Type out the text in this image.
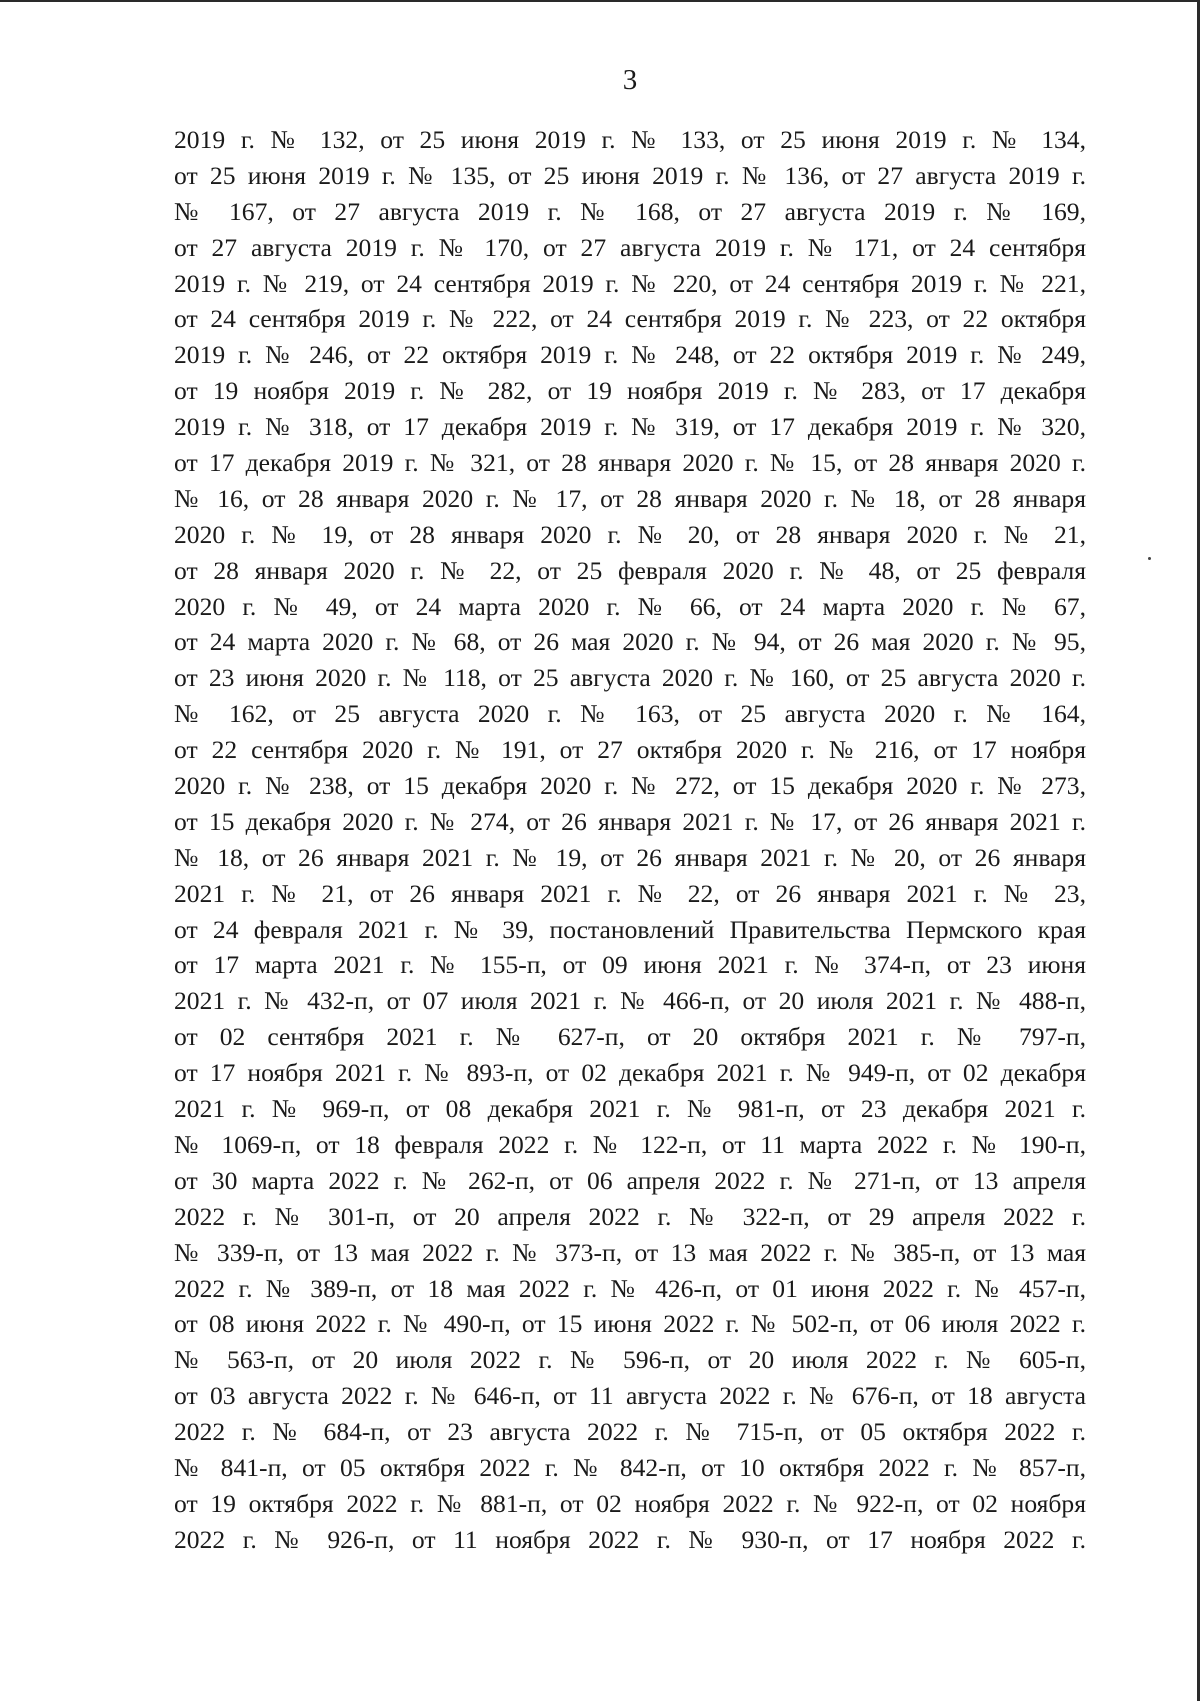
3
2019 г. № 132, от 25 июня 2019 г. № 133, от 25 июня 2019 г. № 134,
от 25 июня 2019 г. № 135, от 25 июня 2019 г. № 136, от 27 августа 2019 г.
№ 167, от 27 августа 2019 г. № 168, от 27 августа 2019 г. № 169,
от 27 августа 2019 г. № 170, от 27 августа 2019 г. № 171, от 24 сентября
2019 г. № 219, от 24 сентября 2019 г. № 220, от 24 сентября 2019 г. № 221,
от 24 сентября 2019 г. № 222, от 24 сентября 2019 г. № 223, от 22 октября
2019 г. № 246, от 22 октября 2019 г. № 248, от 22 октября 2019 г. № 249,
от 19 ноября 2019 г. № 282, от 19 ноября 2019 г. № 283, от 17 декабря
2019 г. № 318, от 17 декабря 2019 г. № 319, от 17 декабря 2019 г. № 320,
от 17 декабря 2019 г. № 321, от 28 января 2020 г. № 15, от 28 января 2020 г.
№ 16, от 28 января 2020 г. № 17, от 28 января 2020 г. № 18, от 28 января
2020 г. № 19, от 28 января 2020 г. № 20, от 28 января 2020 г. № 21,
от 28 января 2020 г. № 22, от 25 февраля 2020 г. № 48, от 25 февраля
2020 г. № 49, от 24 марта 2020 г. № 66, от 24 марта 2020 г. № 67,
от 24 марта 2020 г. № 68, от 26 мая 2020 г. № 94, от 26 мая 2020 г. № 95,
от 23 июня 2020 г. № 118, от 25 августа 2020 г. № 160, от 25 августа 2020 г.
№ 162, от 25 августа 2020 г. № 163, от 25 августа 2020 г. № 164,
от 22 сентября 2020 г. № 191, от 27 октября 2020 г. № 216, от 17 ноября
2020 г. № 238, от 15 декабря 2020 г. № 272, от 15 декабря 2020 г. № 273,
от 15 декабря 2020 г. № 274, от 26 января 2021 г. № 17, от 26 января 2021 г.
№ 18, от 26 января 2021 г. № 19, от 26 января 2021 г. № 20, от 26 января
2021 г. № 21, от 26 января 2021 г. № 22, от 26 января 2021 г. № 23,
от 24 февраля 2021 г. № 39, постановлений Правительства Пермского края
от 17 марта 2021 г. № 155-п, от 09 июня 2021 г. № 374-п, от 23 июня
2021 г. № 432-п, от 07 июля 2021 г. № 466-п, от 20 июля 2021 г. № 488-п,
от 02 сентября 2021 г. № 627-п, от 20 октября 2021 г. № 797-п,
от 17 ноября 2021 г. № 893-п, от 02 декабря 2021 г. № 949-п, от 02 декабря
2021 г. № 969-п, от 08 декабря 2021 г. № 981-п, от 23 декабря 2021 г.
№ 1069-п, от 18 февраля 2022 г. № 122-п, от 11 марта 2022 г. № 190-п,
от 30 марта 2022 г. № 262-п, от 06 апреля 2022 г. № 271-п, от 13 апреля
2022 г. № 301-п, от 20 апреля 2022 г. № 322-п, от 29 апреля 2022 г.
№ 339-п, от 13 мая 2022 г. № 373-п, от 13 мая 2022 г. № 385-п, от 13 мая
2022 г. № 389-п, от 18 мая 2022 г. № 426-п, от 01 июня 2022 г. № 457-п,
от 08 июня 2022 г. № 490-п, от 15 июня 2022 г. № 502-п, от 06 июля 2022 г.
№ 563-п, от 20 июля 2022 г. № 596-п, от 20 июля 2022 г. № 605-п,
от 03 августа 2022 г. № 646-п, от 11 августа 2022 г. № 676-п, от 18 августа
2022 г. № 684-п, от 23 августа 2022 г. № 715-п, от 05 октября 2022 г.
№ 841-п, от 05 октября 2022 г. № 842-п, от 10 октября 2022 г. № 857-п,
от 19 октября 2022 г. № 881-п, от 02 ноября 2022 г. № 922-п, от 02 ноября
2022 г. № 926-п, от 11 ноября 2022 г. № 930-п, от 17 ноября 2022 г.
